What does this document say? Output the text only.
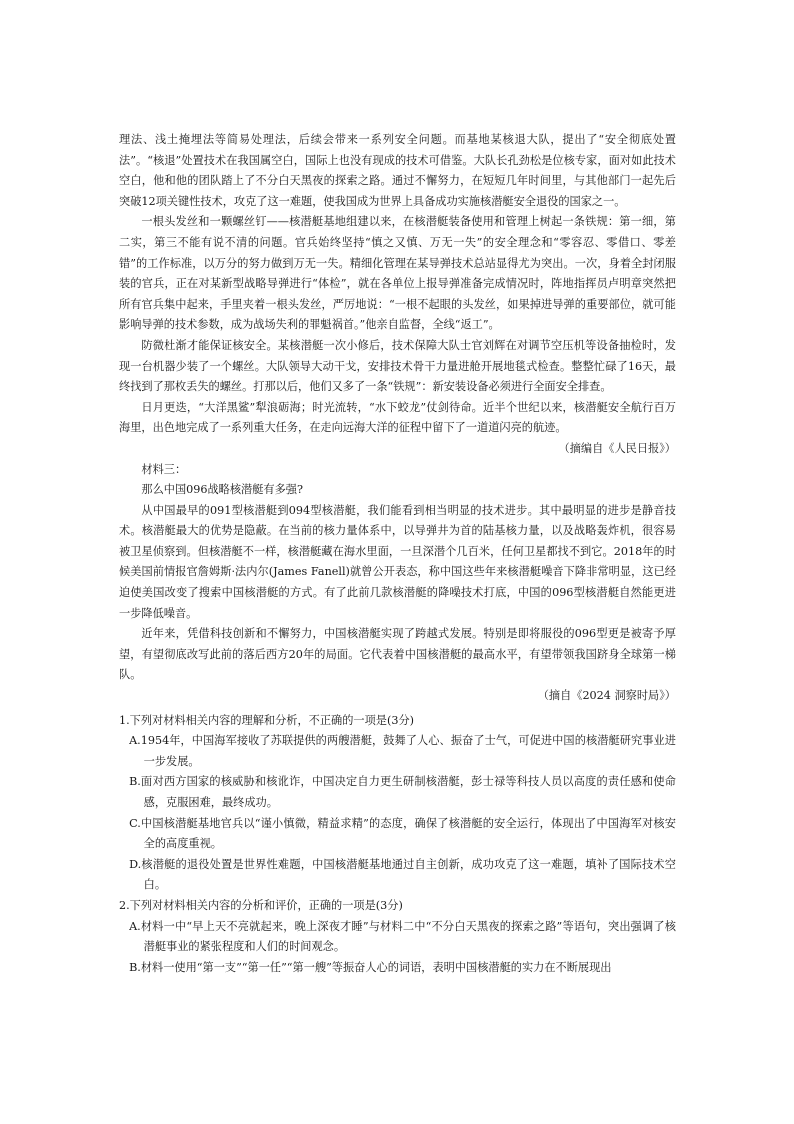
理法、浅土掩埋法等简易处理法，后续会带来一系列安全问题。而基地某核退大队，提出了“安全彻底处置法”。“核退”处置技术在我国属空白，国际上也没有现成的技术可借鉴。大队长孔劲松是位核专家，面对如此技术空白，他和他的团队踏上了不分白天黑夜的探索之路。通过不懈努力，在短短几年时间里，与其他部门一起先后突破12项关键性技术，攻克了这一难题，使我国成为世界上具备成功实施核潜艇安全退役的国家之一。

一根头发丝和一颗螺丝钉——核潜艇基地组建以来，在核潜艇装备使用和管理上树起一条铁规：第一细，第二实，第三不能有说不清的问题。官兵始终坚持“慎之又慎、万无一失”的安全理念和“零容忍、零借口、零差错”的工作标准，以万分的努力做到万无一失。精细化管理在某导弹技术总站显得尤为突出。一次，身着全封闭服装的官兵，正在对某新型战略导弹进行“体检”，就在各单位上报导弹准备完成情况时，阵地指挥员卢明章突然把所有官兵集中起来，手里夹着一根头发丝，严厉地说：“一根不起眼的头发丝，如果掉进导弹的重要部位，就可能影响导弹的技术参数，成为战场失利的罪魁祸首。”他亲自监督，全线“返工”。

防微杜渐才能保证核安全。某核潜艇一次小修后，技术保障大队士官刘辉在对调节空压机等设备抽检时，发现一台机器少装了一个螺丝。大队领导大动干戈，安排技术骨干力量进舱开展地毯式检查。整整忙碌了16天，最终找到了那枚丢失的螺丝。打那以后，他们又多了一条“铁规”：新安装设备必须进行全面安全排查。

日月更迭，“大洋黑鲨”犁浪砺海；时光流转，“水下蛟龙”仗剑待命。近半个世纪以来，核潜艇安全航行百万海里，出色地完成了一系列重大任务，在走向远海大洋的征程中留下了一道道闪亮的航迹。

（摘编自《人民日报》）

材料三：

那么中国096战略核潜艇有多强?

从中国最早的091型核潜艇到094型核潜艇，我们能看到相当明显的技术进步。其中最明显的进步是静音技术。核潜艇最大的优势是隐蔽。在当前的核力量体系中，以导弹井为首的陆基核力量，以及战略轰炸机，很容易被卫星侦察到。但核潜艇不一样，核潜艇藏在海水里面，一旦深潜个几百米，任何卫星都找不到它。2018年的时候美国前情报官詹姆斯·法内尔(James Fanell)就曾公开表态，称中国这些年来核潜艇噪音下降非常明显，这已经迫使美国改变了搜索中国核潜艇的方式。有了此前几款核潜艇的降噪技术打底，中国的096型核潜艇自然能更进一步降低噪音。

近年来，凭借科技创新和不懈努力，中国核潜艇实现了跨越式发展。特别是即将服役的096型更是被寄予厚望，有望彻底改写此前的落后西方20年的局面。它代表着中国核潜艇的最高水平，有望带领我国跻身全球第一梯队。

（摘自《2024 洞察时局》）

1.下列对材料相关内容的理解和分析，不正确的一项是(3分)

A.1954年，中国海军接收了苏联提供的两艘潜艇，鼓舞了人心、振奋了士气，可促进中国的核潜艇研究事业进一步发展。

B.面对西方国家的核威胁和核讹诈，中国决定自力更生研制核潜艇，彭士禄等科技人员以高度的责任感和使命感，克服困难，最终成功。

C.中国核潜艇基地官兵以“谨小慎微，精益求精”的态度，确保了核潜艇的安全运行，体现出了中国海军对核安全的高度重视。

D.核潜艇的退役处置是世界性难题，中国核潜艇基地通过自主创新，成功攻克了这一难题，填补了国际技术空白。

2.下列对材料相关内容的分析和评价，正确的一项是(3分)

A.材料一中“早上天不亮就起来，晚上深夜才睡”与材料二中“不分白天黑夜的探索之路”等语句，突出强调了核潜艇事业的紧张程度和人们的时间观念。

B.材料一使用“第一支”“第一任”“第一艘”等振奋人心的词语，表明中国核潜艇的实力在不断展现出
